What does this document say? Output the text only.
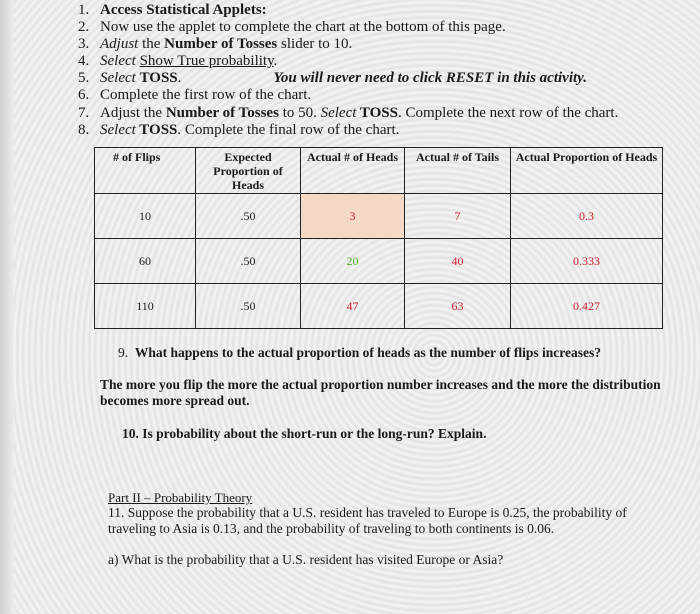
1. Access Statistical Applets:
2. Now use the applet to complete the chart at the bottom of this page.
3. Adjust the Number of Tosses slider to 10.
4. Select Show True probability.
5. Select TOSS.	You will never need to click RESET in this activity.
6. Complete the first row of the chart.
7. Adjust the Number of Tosses to 50. Select TOSS. Complete the next row of the chart.
8. Select TOSS. Complete the final row of the chart.
# of Flips	Expected Proportion of Heads	Actual # of Heads	Actual # of Tails	Actual Proportion of Heads
10	.50	3	7	0.3
60	.50	20	40	0.333
110	.50	47	63	0.427
9. What happens to the actual proportion of heads as the number of flips increases?
The more you flip the more the actual proportion number increases and the more the distribution becomes more spread out.
10. Is probability about the short-run or the long-run? Explain.
Part II – Probability Theory
11. Suppose the probability that a U.S. resident has traveled to Europe is 0.25, the probability of traveling to Asia is 0.13, and the probability of traveling to both continents is 0.06.
a) What is the probability that a U.S. resident has visited Europe or Asia?
